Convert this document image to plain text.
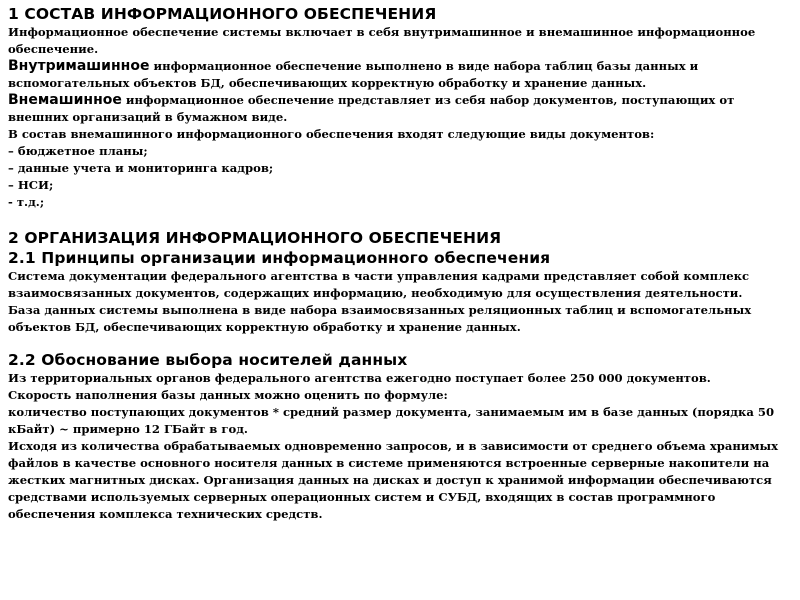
1 СОСТАВ ИНФОРМАЦИОННОГО ОБЕСПЕЧЕНИЯ

Информационное обеспечение системы включает в себя внутримашинное и внемашинное информационное обеспечение.

Внутримашинное информационное обеспечение выполнено в виде набора таблиц базы данных и вспомогательных объектов БД, обеспечивающих корректную обработку и хранение данных.

Внемашинное информационное обеспечение представляет из себя набор документов, поступающих от внешних организаций в бумажном виде.

В состав внемашинного информационного обеспечения входят следующие виды документов:

– бюджетное планы;

– данные учета и мониторинга кадров;

– НСИ;

- т.д.;

2 ОРГАНИЗАЦИЯ ИНФОРМАЦИОННОГО ОБЕСПЕЧЕНИЯ
2.1 Принципы организации информационного обеспечения

Система документации федерального агентства в части управления кадрами представляет собой комплекс взаимосвязанных документов, содержащих информацию, необходимую для осуществления деятельности.

База данных системы выполнена в виде набора взаимосвязанных реляционных таблиц и вспомогательных объектов БД, обеспечивающих корректную обработку и хранение данных.

2.2 Обоснование выбора носителей данных

Из территориальных органов федерального агентства ежегодно поступает более 250 000 документов.

Скорость наполнения базы данных можно оценить по формуле:

количество поступающих документов * средний размер документа, занимаемым им в базе данных (порядка 50 кБайт) ~ примерно 12 ГБайт в год.

Исходя из количества обрабатываемых одновременно запросов, и в зависимости от среднего объема хранимых файлов в качестве основного носителя данных в системе применяются встроенные серверные накопители на жестких магнитных дисках. Организация данных на дисках и доступ к хранимой информации обеспечиваются средствами используемых серверных операционных систем и СУБД, входящих в состав программного обеспечения комплекса технических средств.
